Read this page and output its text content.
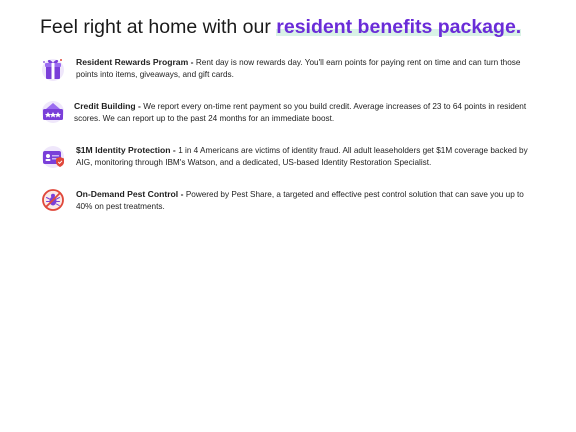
Feel right at home with our resident benefits package.
Resident Rewards Program - Rent day is now rewards day. You'll earn points for paying rent on time and can turn those points into items, giveaways, and gift cards.
Credit Building - We report every on-time rent payment so you build credit. Average increases of 23 to 64 points in resident scores. We can report up to the past 24 months for an immediate boost.
$1M Identity Protection - 1 in 4 Americans are victims of identity fraud. All adult leaseholders get $1M coverage backed by AIG, monitoring through IBM's Watson, and a dedicated, US-based Identity Restoration Specialist.
On-Demand Pest Control - Powered by Pest Share, a targeted and effective pest control solution that can save you up to 40% on pest treatments.
